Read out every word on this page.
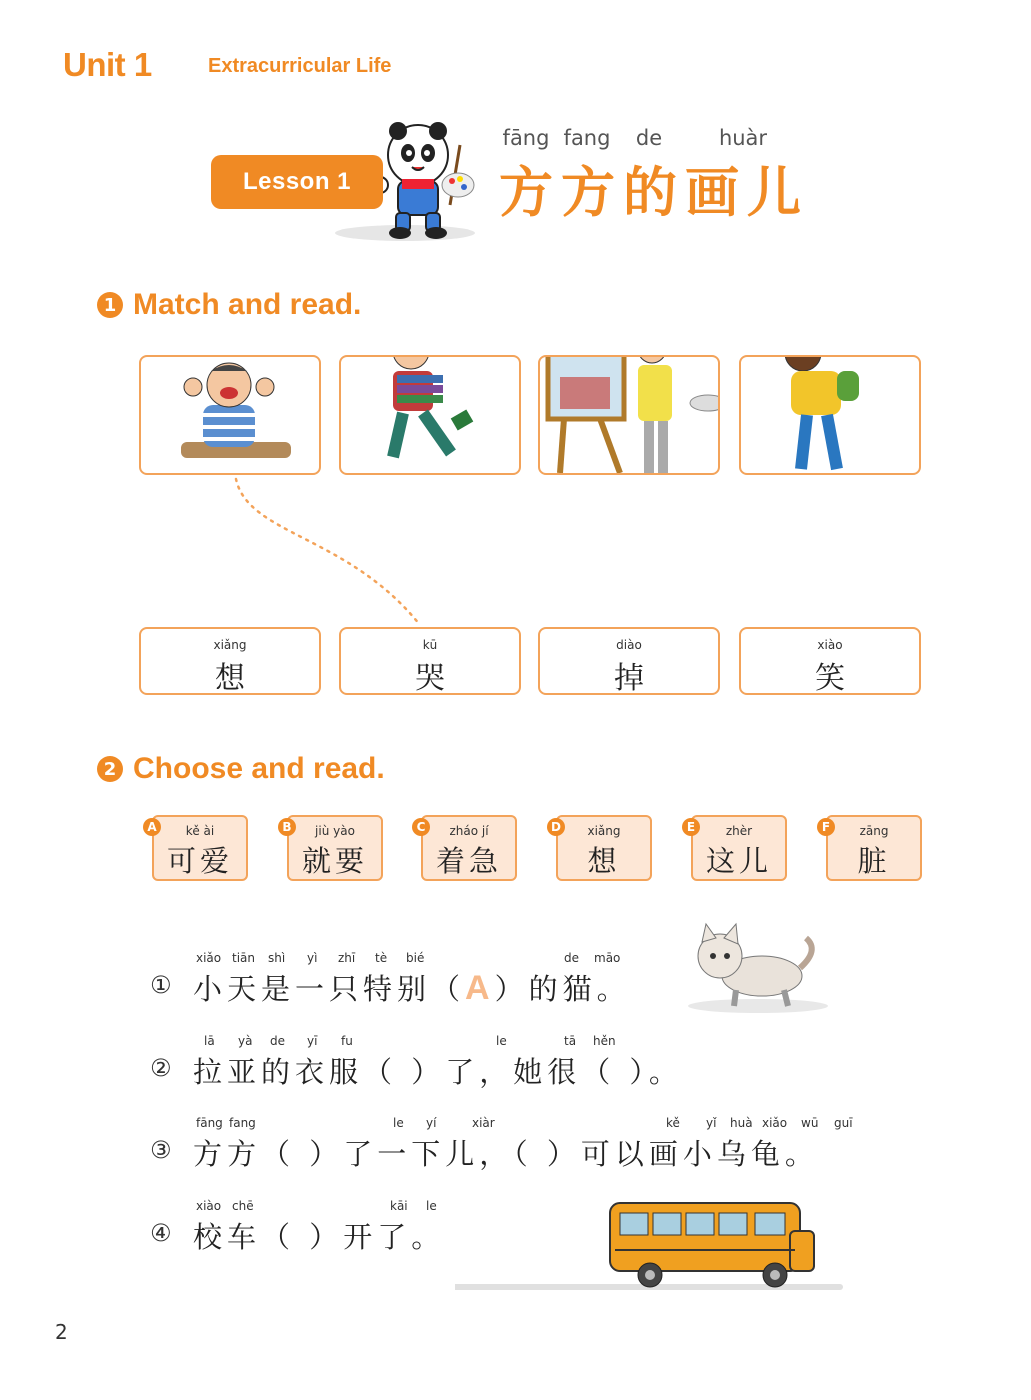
Unit 1	Extracurricular Life
Lesson 1
fāng fang	de	huàr
方 方 的 画 儿
1 Match and read.
xiǎng
想
kū
哭
diào
掉
xiào
笑
2 Choose and read.
kě ài
可爱
A	jiù yào
就要
B	zháo jí
着急
C	xiǎng
想
D	zhèr
这儿
E	zāng
脏
F
①
xiǎo tiān shì yì zhī tè bié	de māo
小天是一只特别（A）的猫。
②
lā yà de yī fu	le	tā hěn
拉亚的衣服（ ）了，她很（ ）。
③
fāng fang	le yí	xiàr	kě yǐ huà xiǎo wū guī
方方（ ）了一下儿，（ ）可以画小乌龟。
④
xiào chē	kāi le
校车（ ）开了。
2
